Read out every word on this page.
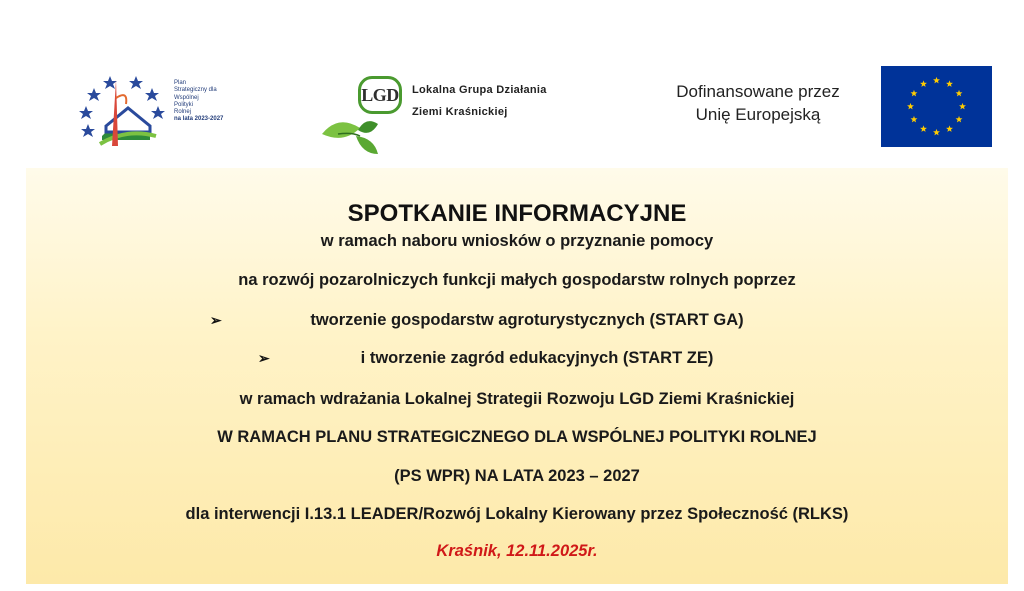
Plan
Strategiczny dla
Wspólnej
Polityki
Rolnej
na lata 2023-2027
LGD Lokalna Grupa Działania
Ziemi Kraśnickiej
Dofinansowane przez
Unię Europejską
SPOTKANIE INFORMACYJNE
w ramach naboru wniosków o przyznanie pomocy
na rozwój pozarolniczych funkcji małych gospodarstw rolnych poprzez
➢	tworzenie gospodarstw agroturystycznych (START GA)
➢	i tworzenie zagród edukacyjnych (START ZE)
w ramach wdrażania Lokalnej Strategii Rozwoju LGD Ziemi Kraśnickiej
W RAMACH PLANU STRATEGICZNEGO DLA WSPÓLNEJ POLITYKI ROLNEJ
(PS WPR) NA LATA 2023 – 2027
dla interwencji I.13.1 LEADER/Rozwój Lokalny Kierowany przez Społeczność (RLKS)
Kraśnik, 12.11.2025r.
